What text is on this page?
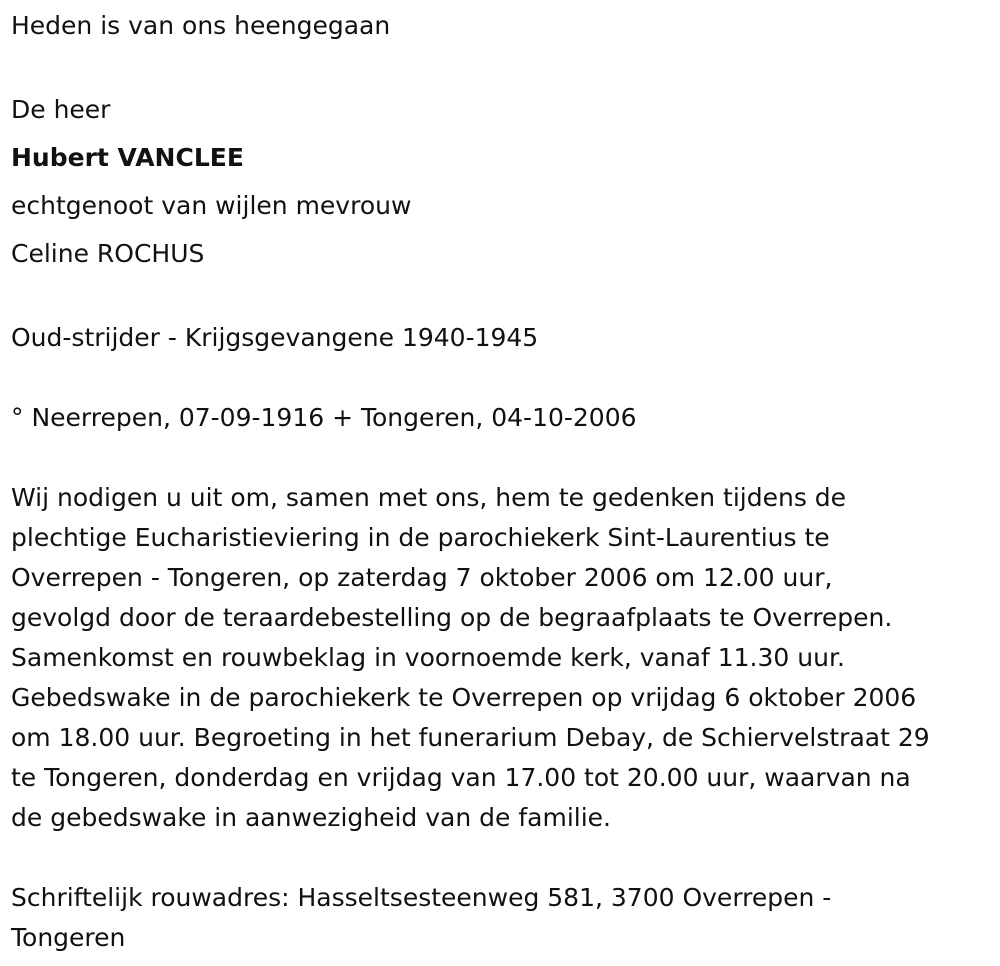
Heden is van ons heengegaan
De heer
Hubert VANCLEE
echtgenoot van wijlen mevrouw
Celine ROCHUS
Oud-strijder - Krijgsgevangene 1940-1945
° Neerrepen, 07-09-1916 + Tongeren, 04-10-2006
Wij nodigen u uit om, samen met ons, hem te gedenken tijdens de
plechtige Eucharistieviering in de parochiekerk Sint-Laurentius te
Overrepen - Tongeren, op zaterdag 7 oktober 2006 om 12.00 uur,
gevolgd door de teraardebestelling op de begraafplaats te Overrepen.
Samenkomst en rouwbeklag in voornoemde kerk, vanaf 11.30 uur.
Gebedswake in de parochiekerk te Overrepen op vrijdag 6 oktober 2006
om 18.00 uur. Begroeting in het funerarium Debay, de Schiervelstraat 29
te Tongeren, donderdag en vrijdag van 17.00 tot 20.00 uur, waarvan na
de gebedswake in aanwezigheid van de familie.
Schriftelijk rouwadres: Hasseltsesteenweg 581, 3700 Overrepen -
Tongeren
